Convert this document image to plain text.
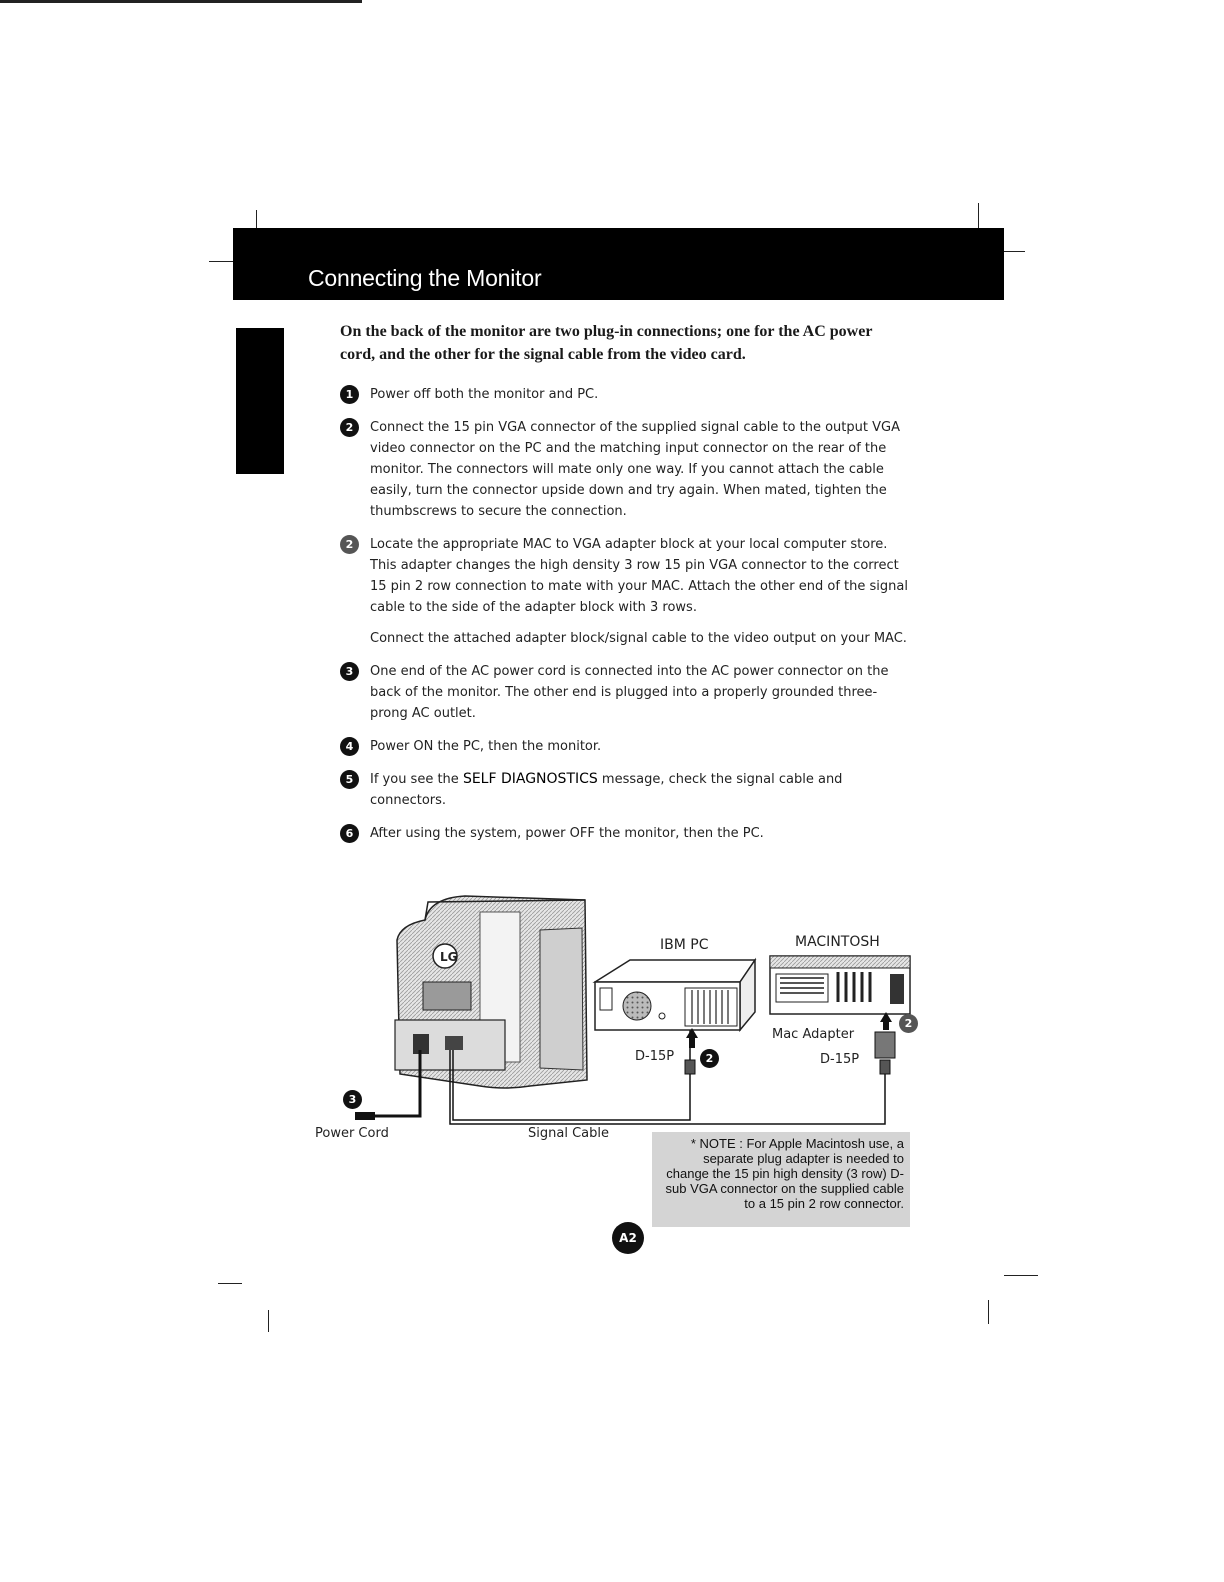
Connecting the Monitor
On the back of the monitor are two plug-in connections; one for the AC power cord, and the other for the signal cable from the video card.
1	Power off both the monitor and PC.
2	Connect the 15 pin VGA connector of the supplied signal cable to the output VGA video connector on the PC and the matching input connector on the rear of the monitor. The connectors will mate only one way. If you cannot attach the cable easily, turn the connector upside down and try again. When mated, tighten the thumbscrews to secure the connection.
2	Locate the appropriate MAC to VGA adapter block at your local computer store. This adapter changes the high density 3 row 15 pin VGA connector to the correct 15 pin 2 row connection to mate with your MAC. Attach the other end of the signal cable to the side of the adapter block with 3 rows.
Connect the attached adapter block/signal cable to the video output on your MAC.
3	One end of the AC power cord is connected into the AC power connector on the back of the monitor. The other end is plugged into a properly grounded three-prong AC outlet.
4	Power ON the PC, then the monitor.
5	If you see the SELF DIAGNOSTICS message, check the signal cable and connectors.
6	After using the system, power OFF the monitor, then the PC.
LG
IBM PC	MACINTOSH
Mac Adapter
D-15P	D-15P
Power Cord	Signal Cable
2
2
3
* NOTE : For Apple Macintosh use, a separate plug adapter is needed to change the 15 pin high density (3 row) D-sub VGA connector on the supplied cable to a 15 pin 2 row connector.
A2
